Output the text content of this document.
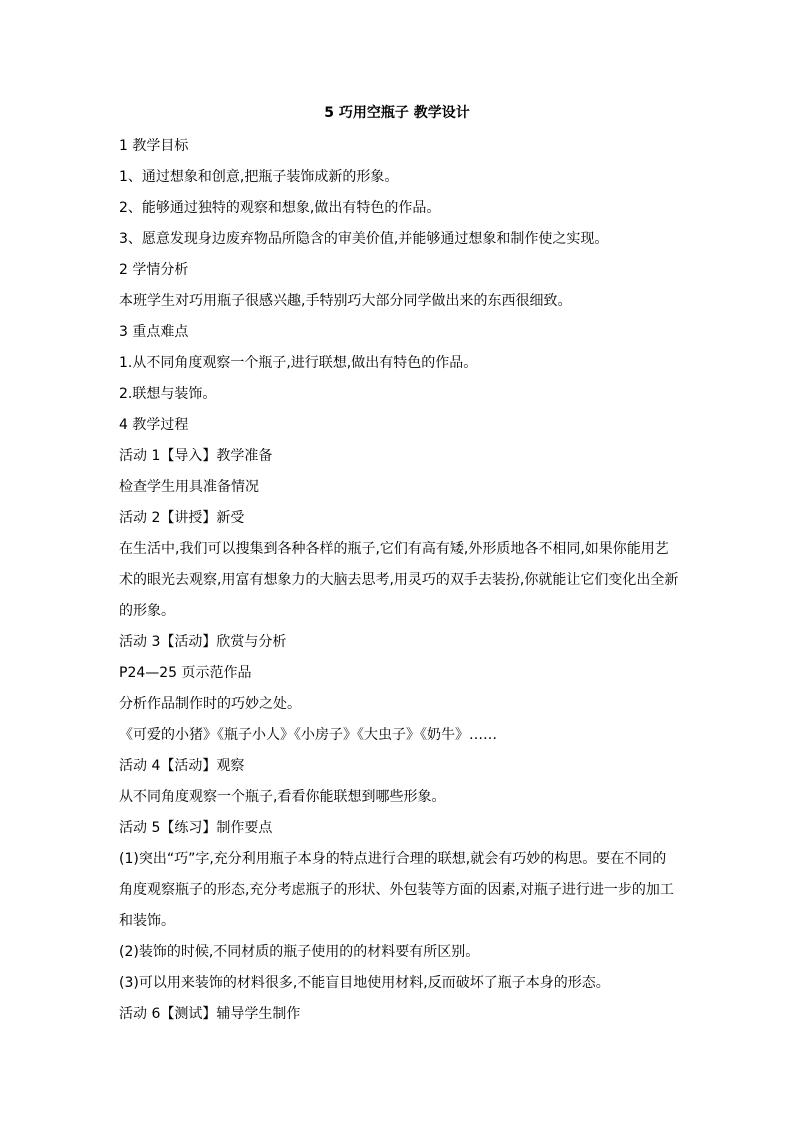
5 巧用空瓶子 教学设计
1 教学目标
1、通过想象和创意,把瓶子装饰成新的形象。
2、能够通过独特的观察和想象,做出有特色的作品。
3、愿意发现身边废弃物品所隐含的审美价值,并能够通过想象和制作使之实现。
2 学情分析
本班学生对巧用瓶子很感兴趣,手特别巧大部分同学做出来的东西很细致。
3 重点难点
1.从不同角度观察一个瓶子,进行联想,做出有特色的作品。
2.联想与装饰。
4 教学过程
活动 1【导入】教学准备
检查学生用具准备情况
活动 2【讲授】新受
在生活中,我们可以搜集到各种各样的瓶子,它们有高有矮,外形质地各不相同,如果你能用艺术的眼光去观察,用富有想象力的大脑去思考,用灵巧的双手去装扮,你就能让它们变化出全新的形象。
活动 3【活动】欣赏与分析
P24—25 页示范作品
分析作品制作时的巧妙之处。
《可爱的小猪》《瓶子小人》《小房子》《大虫子》《奶牛》……
活动 4【活动】观察
从不同角度观察一个瓶子,看看你能联想到哪些形象。
活动 5【练习】制作要点
(1)突出“巧”字,充分利用瓶子本身的特点进行合理的联想,就会有巧妙的构思。要在不同的角度观察瓶子的形态,充分考虑瓶子的形状、外包装等方面的因素,对瓶子进行进一步的加工和装饰。
(2)装饰的时候,不同材质的瓶子使用的的材料要有所区别。
(3)可以用来装饰的材料很多,不能盲目地使用材料,反而破坏了瓶子本身的形态。
活动 6【测试】辅导学生制作
